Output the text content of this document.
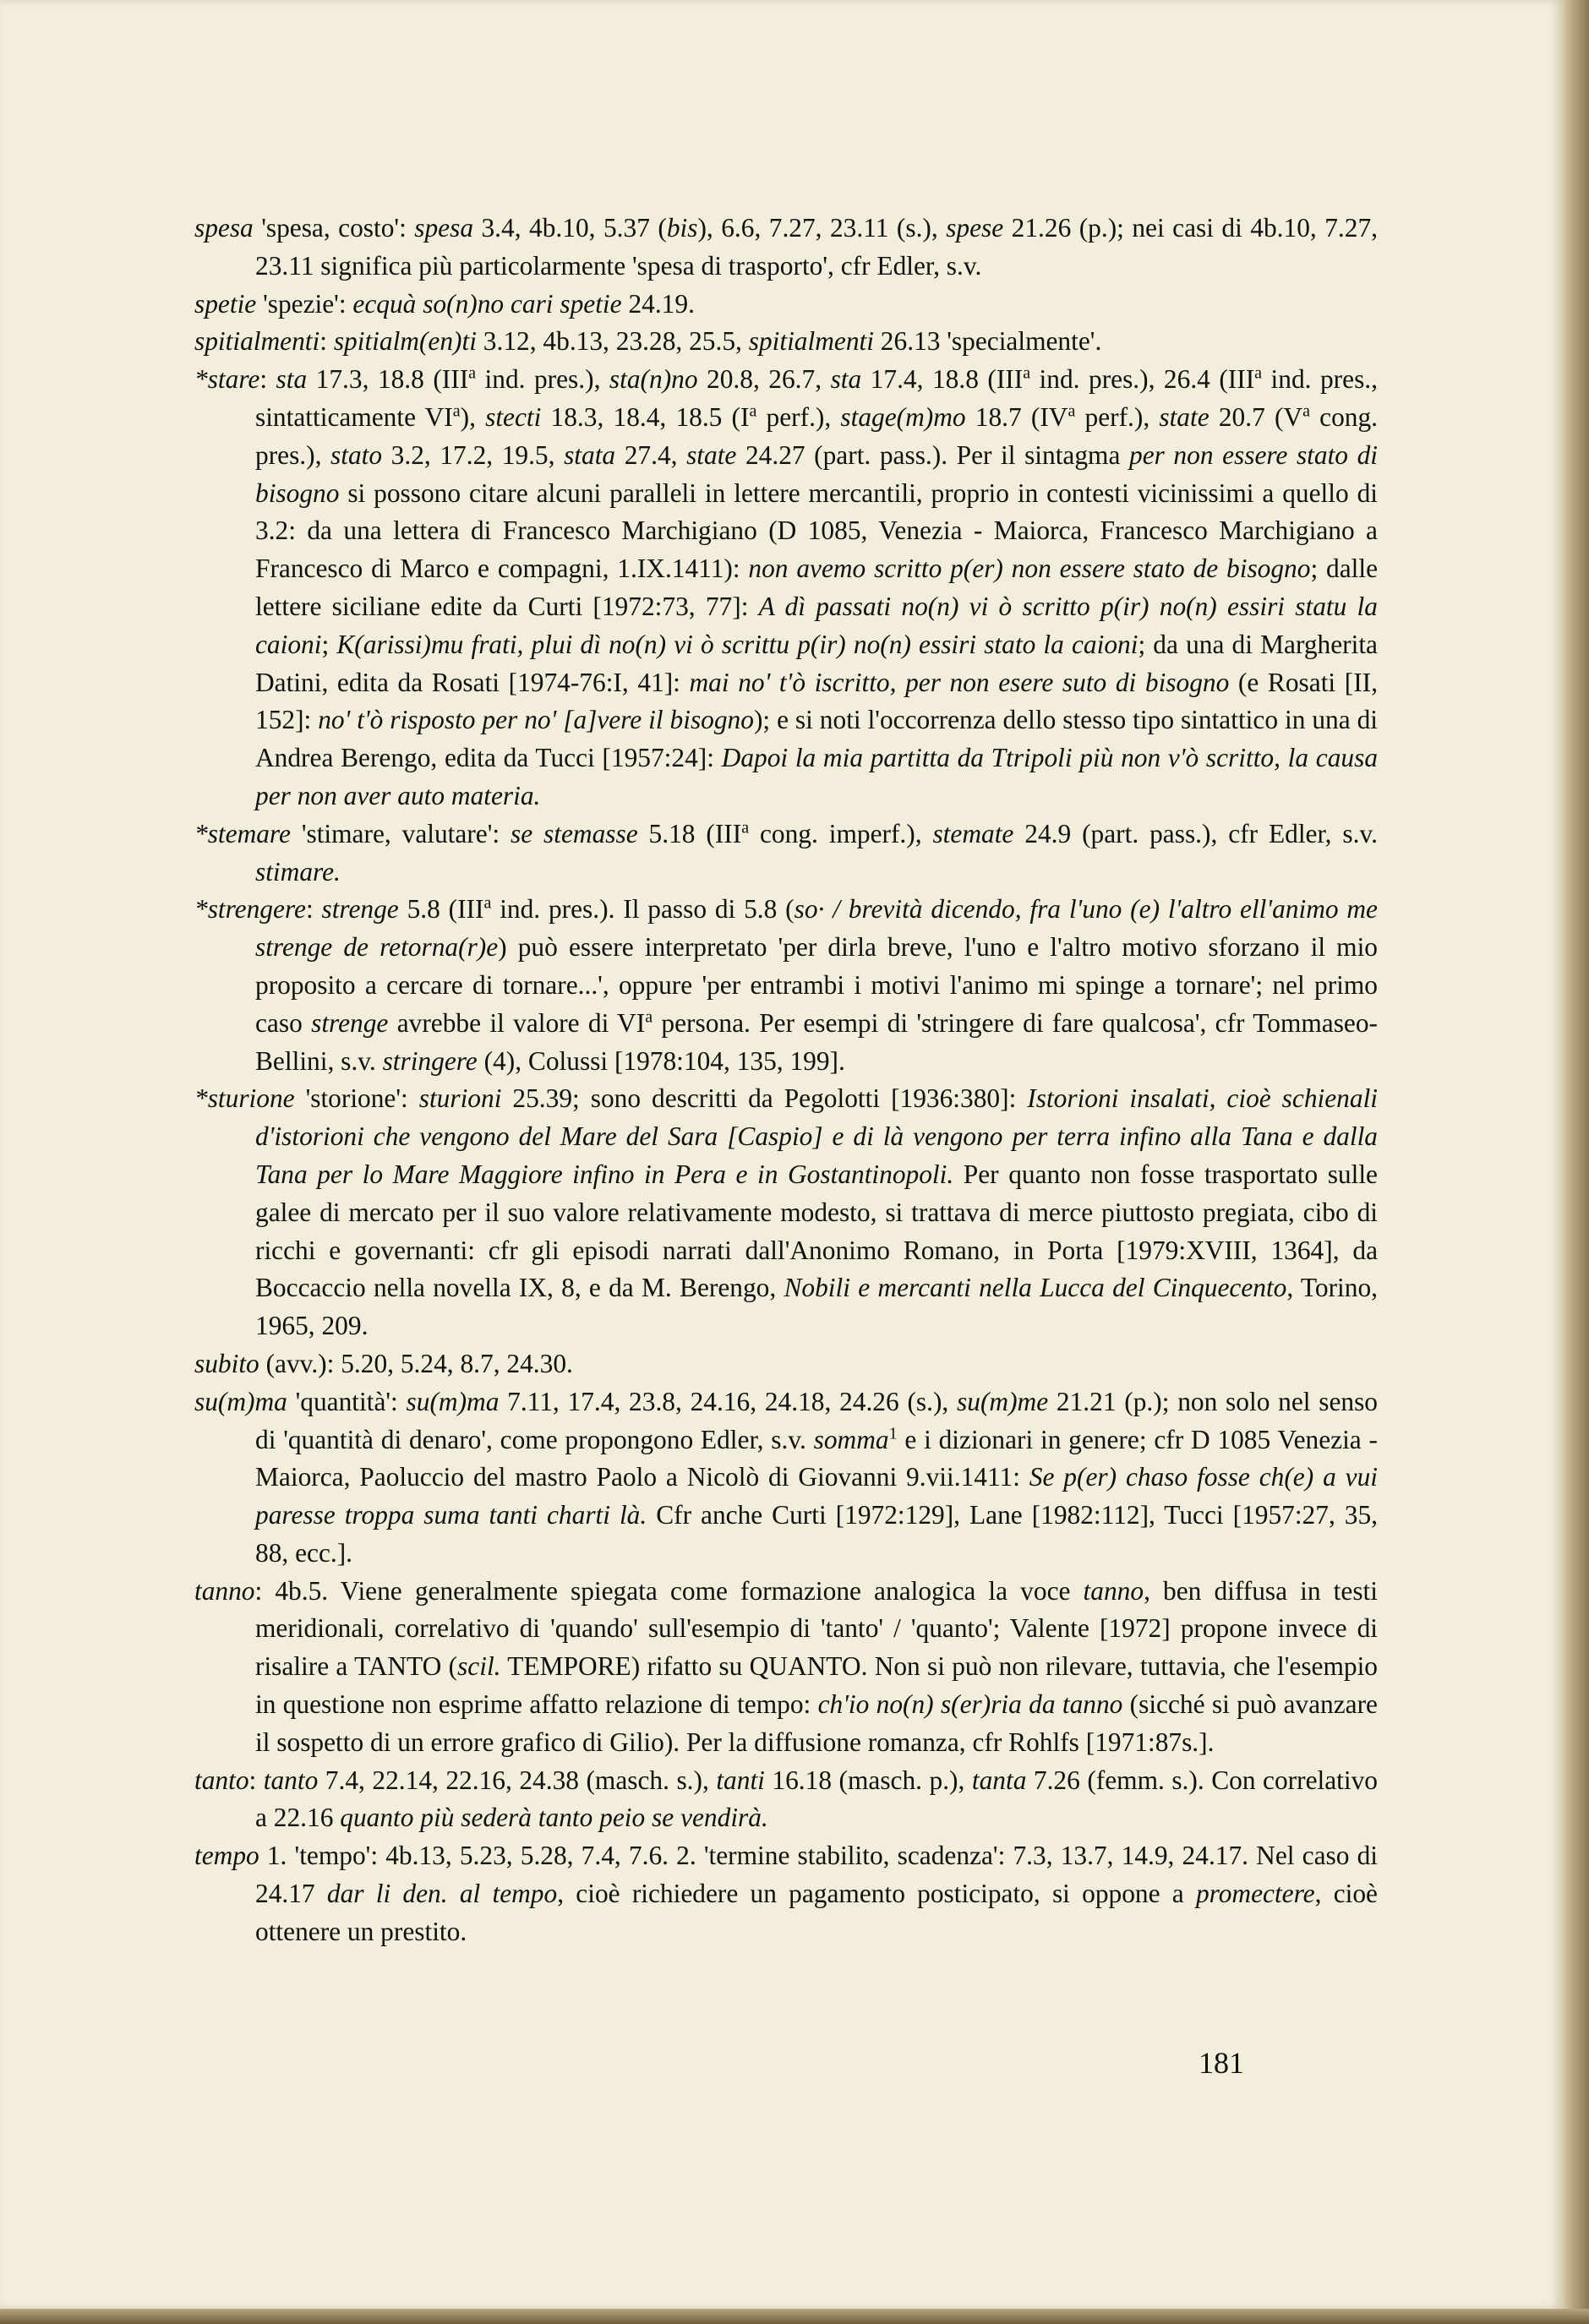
spesa 'spesa, costo': spesa 3.4, 4b.10, 5.37 (bis), 6.6, 7.27, 23.11 (s.), spese 21.26 (p.); nei casi di 4b.10, 7.27, 23.11 significa più particolarmente 'spesa di trasporto', cfr Edler, s.v.

spetie 'spezie': ecquà so(n)no cari spetie 24.19.

spitialmenti: spitialm(en)ti 3.12, 4b.13, 23.28, 25.5, spitialmenti 26.13 'specialmente'.

*stare: sta 17.3, 18.8 (III$^a$ ind. pres.), sta(n)no 20.8, 26.7, sta 17.4, 18.8 (III$^a$ ind. pres.), 26.4 (III$^a$ ind. pres., sintatticamente $VI^a$), stecti 18.3, 18.4, 18.5 ($I^a$ perf.), stage(m)mo 18.7 ($IV^a$ perf.), state 20.7 ($V^a$ cong. pres.), stato 3.2, 17.2, 19.5, stata 27.4, state 24.27 (part. pass.). Per il sintagma per non essere stato di bisogno si possono citare alcuni paralleli in lettere mercantili, proprio in contesti vicinissimi a quello di 3.2: da una lettera di Francesco Marchigiano (D 1085, Venezia - Maiorca, Francesco Marchigiano a Francesco di Marco e compagni, 1.IX.1411): non avemo scritto p(er) non essere stato de bisogno; dalle lettere siciliane edite da Curti [1972:73, 77]: A dì passati no(n) vi ò scritto p(ir) no(n) essiri statu la caioni; K(arissi)mu frati, plui dì no(n) vi ò scrittu p(ir) no(n) essiri stato la caioni; da una di Margherita Datini, edita da Rosati [1974-76:I, 41]: mai no' t'ò iscritto, per non esere suto di bisogno (e Rosati [II, 152]: no' t'ò risposto per no' [a]vere il bisogno); e si noti l'occorrenza dello stesso tipo sintattico in una di Andrea Berengo, edita da Tucci [1957:24]: Dapoi la mia partitta da Ttripoli più non v'ò scritto, la causa per non aver auto materia.

*stemare 'stimare, valutare': se stemasse 5.18 (III$^a$ cong. imperf.), stemate 24.9 (part. pass.), cfr Edler, s.v. stimare.

*strengere: strenge 5.8 (III$^a$ ind. pres.). Il passo di 5.8 (so· / brevità dicendo, fra l'uno (e) l'altro ell'animo me strenge de retorna(r)e) può essere interpretato 'per dirla breve, l'uno e l'altro motivo sforzano il mio proposito a cercare di tornare...', oppure 'per entrambi i motivi l'animo mi spinge a tornare'; nel primo caso strenge avrebbe il valore di $VI^a$ persona. Per esempi di 'stringere di fare qualcosa', cfr Tommaseo-Bellini, s.v. stringere (4), Colussi [1978:104, 135, 199].

*sturione 'storione': sturioni 25.39; sono descritti da Pegolotti [1936:380]: Istorioni insalati, cioè schienali d'istorioni che vengono del Mare del Sara [Caspio] e di là vengono per terra infino alla Tana e dalla Tana per lo Mare Maggiore infino in Pera e in Gostantinopoli. Per quanto non fosse trasportato sulle galee di mercato per il suo valore relativamente modesto, si trattava di merce piuttosto pregiata, cibo di ricchi e governanti: cfr gli episodi narrati dall'Anonimo Romano, in Porta [1979:XVIII, 1364], da Boccaccio nella novella IX, 8, e da M. Berengo, Nobili e mercanti nella Lucca del Cinquecento, Torino, 1965, 209.

subito (avv.): 5.20, 5.24, 8.7, 24.30.

su(m)ma 'quantità': su(m)ma 7.11, 17.4, 23.8, 24.16, 24.18, 24.26 (s.), su(m)me 21.21 (p.); non solo nel senso di 'quantità di denaro', come propongono Edler, s.v. somma$^1$ e i dizionari in genere; cfr D 1085 Venezia - Maiorca, Paoluccio del mastro Paolo a Nicolò di Giovanni 9.vii.1411: Se p(er) chaso fosse ch(e) a vui paresse troppa suma tanti charti là. Cfr anche Curti [1972:129], Lane [1982:112], Tucci [1957:27, 35, 88, ecc.].

tanno: 4b.5. Viene generalmente spiegata come formazione analogica la voce tanno, ben diffusa in testi meridionali, correlativo di 'quando' sull'esempio di 'tanto' / 'quanto'; Valente [1972] propone invece di risalire a TANTO (scil. TEMPORE) rifatto su QUANTO. Non si può non rilevare, tuttavia, che l'esempio in questione non esprime affatto relazione di tempo: ch'io no(n) s(er)ria da tanno (sicché si può avanzare il sospetto di un errore grafico di Gilio). Per la diffusione romanza, cfr Rohlfs [1971:87s.].

tanto: tanto 7.4, 22.14, 22.16, 24.38 (masch. s.), tanti 16.18 (masch. p.), tanta 7.26 (femm. s.). Con correlativo a 22.16 quanto più sederà tanto peio se vendirà.

tempo 1. 'tempo': 4b.13, 5.23, 5.28, 7.4, 7.6. 2. 'termine stabilito, scadenza': 7.3, 13.7, 14.9, 24.17. Nel caso di 24.17 dar li den. al tempo, cioè richiedere un pagamento posticipato, si oppone a promectere, cioè ottenere un prestito.

181
